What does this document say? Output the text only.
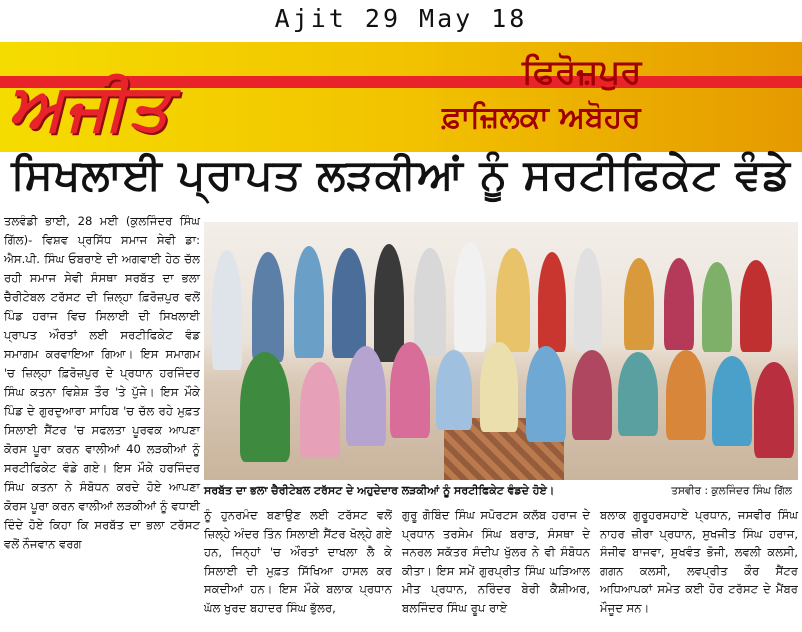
Ajit 29 May 18
ਅਜੀਤ	ਫਿਰੋਜ਼ਪੁਰ
ਫ਼ਾਜ਼ਿਲਕਾ ਅਬੋਹਰ
ਸਿਖਲਾਈ ਪ੍ਰਾਪਤ ਲੜਕੀਆਂ ਨੂੰ ਸਰਟੀਫਿਕੇਟ ਵੰਡੇ
ਤਲਵੰਡੀ ਭਾਈ, 28 ਮਈ (ਕੁਲਜਿੰਦਰ ਸਿੰਘ ਗਿੱਲ)- ਵਿਸ਼ਵ ਪ੍ਰਸਿੱਧ ਸਮਾਜ ਸੇਵੀ ਡਾ: ਐਸ.ਪੀ. ਸਿੰਘ ਓਬਰਾਏ ਦੀ ਅਗਵਾਈ ਹੇਠ ਚੱਲ ਰਹੀ ਸਮਾਜ ਸੇਵੀ ਸੰਸਥਾ ਸਰਬੱਤ ਦਾ ਭਲਾ ਚੈਰੀਟੇਬਲ ਟਰੱਸਟ ਦੀ ਜ਼ਿਲ੍ਹਾ ਫ਼ਿਰੋਜ਼ਪੁਰ ਵਲੋਂ ਪਿੰਡ ਹਰਾਜ ਵਿਚ ਸਿਲਾਈ ਦੀ ਸਿਖਲਾਈ ਪ੍ਰਾਪਤ ਔਰਤਾਂ ਲਈ ਸਰਟੀਫਿਕੇਟ ਵੰਡ ਸਮਾਗਮ ਕਰਵਾਇਆ ਗਿਆ। ਇਸ ਸਮਾਗਮ 'ਚ ਜ਼ਿਲ੍ਹਾ ਫ਼ਿਰੋਜ਼ਪੁਰ ਦੇ ਪ੍ਰਧਾਨ ਹਰਜਿੰਦਰ ਸਿੰਘ ਕਤਨਾ ਵਿਸ਼ੇਸ਼ ਤੌਰ 'ਤੇ ਪੁੱਜੇ। ਇਸ ਮੌਕੇ ਪਿੰਡ ਦੇ ਗੁਰਦੁਆਰਾ ਸਾਹਿਬ 'ਚ ਚੱਲ ਰਹੇ ਮੁਫ਼ਤ ਸਿਲਾਈ ਸੈਂਟਰ 'ਚ ਸਫਲਤਾ ਪੂਰਵਕ ਆਪਣਾ ਕੋਰਸ ਪੂਰਾ ਕਰਨ ਵਾਲੀਆਂ 40 ਲੜਕੀਆਂ ਨੂੰ ਸਰਟੀਫਿਕੇਟ ਵੰਡੇ ਗਏ। ਇਸ ਮੌਕੇ ਹਰਜਿੰਦਰ ਸਿੰਘ ਕਤਨਾ ਨੇ ਸੰਬੋਧਨ ਕਰਦੇ ਹੋਏ ਆਪਣਾ ਕੋਰਸ ਪੂਰਾ ਕਰਨ ਵਾਲੀਆਂ ਲੜਕੀਆਂ ਨੂੰ ਵਧਾਈ ਦਿੰਦੇ ਹੋਏ ਕਿਹਾ ਕਿ ਸਰਬੱਤ ਦਾ ਭਲਾ ਟਰੱਸਟ ਵਲੋਂ ਨੌਜਵਾਨ ਵਰਗ
ਸਰਬੱਤ ਦਾ ਭਲਾ ਚੈਰੀਟੇਬਲ ਟਰੱਸਟ ਦੇ ਅਹੁਦੇਦਾਰ ਲੜਕੀਆਂ ਨੂੰ ਸਰਟੀਫਿਕੇਟ ਵੰਡਦੇ ਹੋਏ।	ਤਸਵੀਰ : ਕੁਲਜਿੰਦਰ ਸਿੰਘ ਗਿੱਲ
ਨੂੰ ਹੁਨਰਮੰਦ ਬਣਾਉਣ ਲਈ ਟਰੱਸਟ ਵਲੋਂ ਜ਼ਿਲ੍ਹੇ ਅੰਦਰ ਤਿੰਨ ਸਿਲਾਈ ਸੈਂਟਰ ਖੋਲ੍ਹੇ ਗਏ ਹਨ, ਜਿਨ੍ਹਾਂ 'ਚ ਔਰਤਾਂ ਦਾਖਲਾ ਲੈ ਕੇ ਸਿਲਾਈ ਦੀ ਮੁਫ਼ਤ ਸਿੱਖਿਆ ਹਾਸਲ ਕਰ ਸਕਦੀਆਂ ਹਨ। ਇਸ ਮੌਕੇ ਬਲਾਕ ਪ੍ਰਧਾਨ ਘੱਲ ਖੁਰਦ ਬਹਾਦਰ ਸਿੰਘ ਭੁੱਲਰ,
ਗੁਰੂ ਗੋਬਿੰਦ ਸਿੰਘ ਸਪੋਰਟਸ ਕਲੱਬ ਹਰਾਜ ਦੇ ਪ੍ਰਧਾਨ ਤਰਸੇਮ ਸਿੰਘ ਬਰਾੜ, ਸੰਸਥਾ ਦੇ ਜਨਰਲ ਸਕੱਤਰ ਸੰਦੀਪ ਖੁੱਲਰ ਨੇ ਵੀ ਸੰਬੋਧਨ ਕੀਤਾ। ਇਸ ਸਮੇਂ ਗੁਰਪ੍ਰੀਤ ਸਿੰਘ ਘੜਿਆਲ ਮੀਤ ਪ੍ਰਧਾਨ, ਨਰਿੰਦਰ ਬੇਰੀ ਕੈਸ਼ੀਅਰ, ਬਲਜਿੰਦਰ ਸਿੰਘ ਰੂਪ ਰਾਏ
ਬਲਾਕ ਗੁਰੂਹਰਸਹਾਏ ਪ੍ਰਧਾਨ, ਜਸਵੀਰ ਸਿੰਘ ਨਾਹਰ ਜ਼ੀਰਾ ਪ੍ਰਧਾਨ, ਸੁਖਜੀਤ ਸਿੰਘ ਹਰਾਜ, ਸੰਜੀਵ ਬਾਜਵਾ, ਸੁਖਵੰਤ ਭੋਜੀ, ਲਵਲੀ ਕਲਸੀ, ਗਗਨ ਕਲਸੀ, ਲਵਪ੍ਰੀਤ ਕੌਰ ਸੈਂਟਰ ਅਧਿਆਪਕਾਂ ਸਮੇਤ ਕਈ ਹੋਰ ਟਰੱਸਟ ਦੇ ਮੈਂਬਰ ਮੌਜੂਦ ਸਨ।
